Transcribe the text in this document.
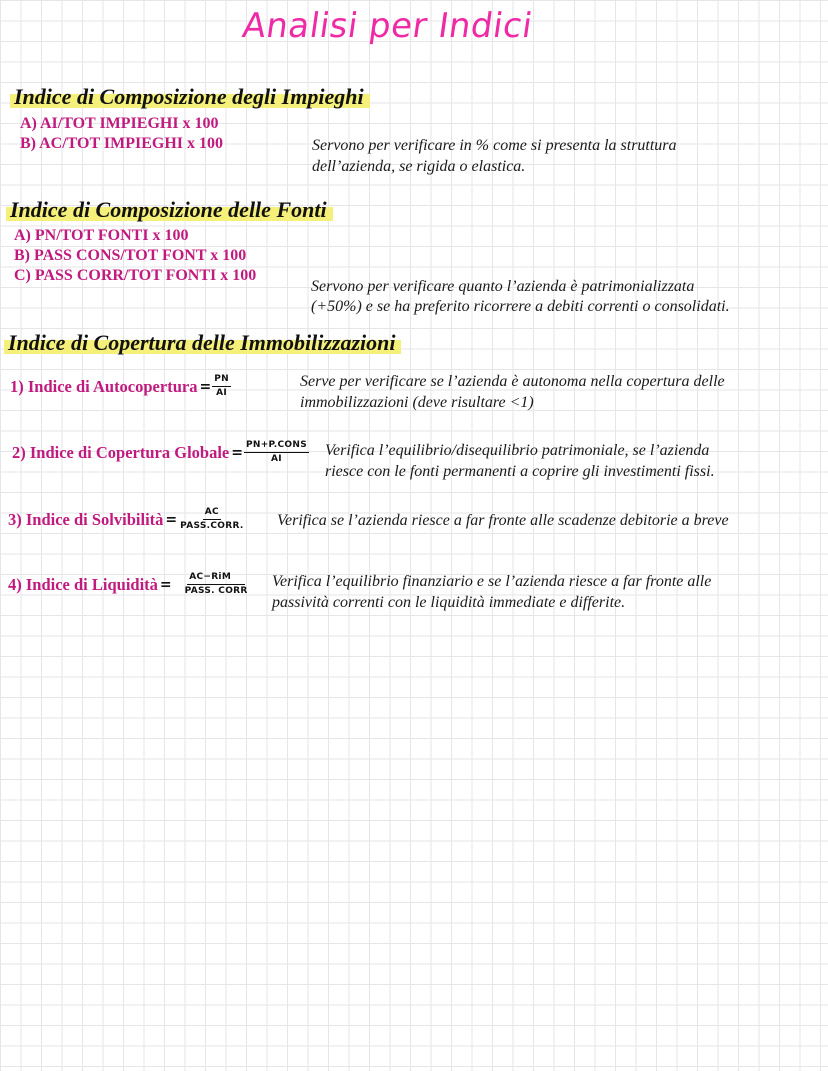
Analisi per Indici
Indice di Composizione degli Impieghi
A) AI/TOT IMPIEGHI x 100
B) AC/TOT IMPIEGHI x 100	Servono per verificare in % come si presenta la struttura
dell’azienda, se rigida o elastica.
Indice di Composizione delle Fonti
A) PN/TOT FONTI x 100
B) PASS CONS/TOT FONT x 100
C) PASS CORR/TOT FONTI x 100
Servono per verificare quanto l’azienda è patrimonializzata
(+50%) e se ha preferito ricorrere a debiti correnti o consolidati.
Indice di Copertura delle Immobilizzazioni
1) Indice di Autocopertura = $\frac{PN}{AI}$	Serve per verificare se l’azienda è autonoma nella copertura delle
immobilizzazioni (deve risultare <1)
2) Indice di Copertura Globale = $\frac{\text{PN+P.CONS}}{AI}$ Verifica l’equilibrio/disequilibrio patrimoniale, se l’azienda
riesce con le fonti permanenti a coprire gli investimenti fissi.
3) Indice di Solvibilità = $\frac{AC}{\text{PASS.CORR.}}$ Verifica se l’azienda riesce a far fronte alle scadenze debitorie a breve
4) Indice di Liquidità = $\frac{\text{AC−RiM}}{\text{PASS. CORR}}$ Verifica l’equilibrio finanziario e se l’azienda riesce a far fronte alle
passività correnti con le liquidità immediate e differite.
